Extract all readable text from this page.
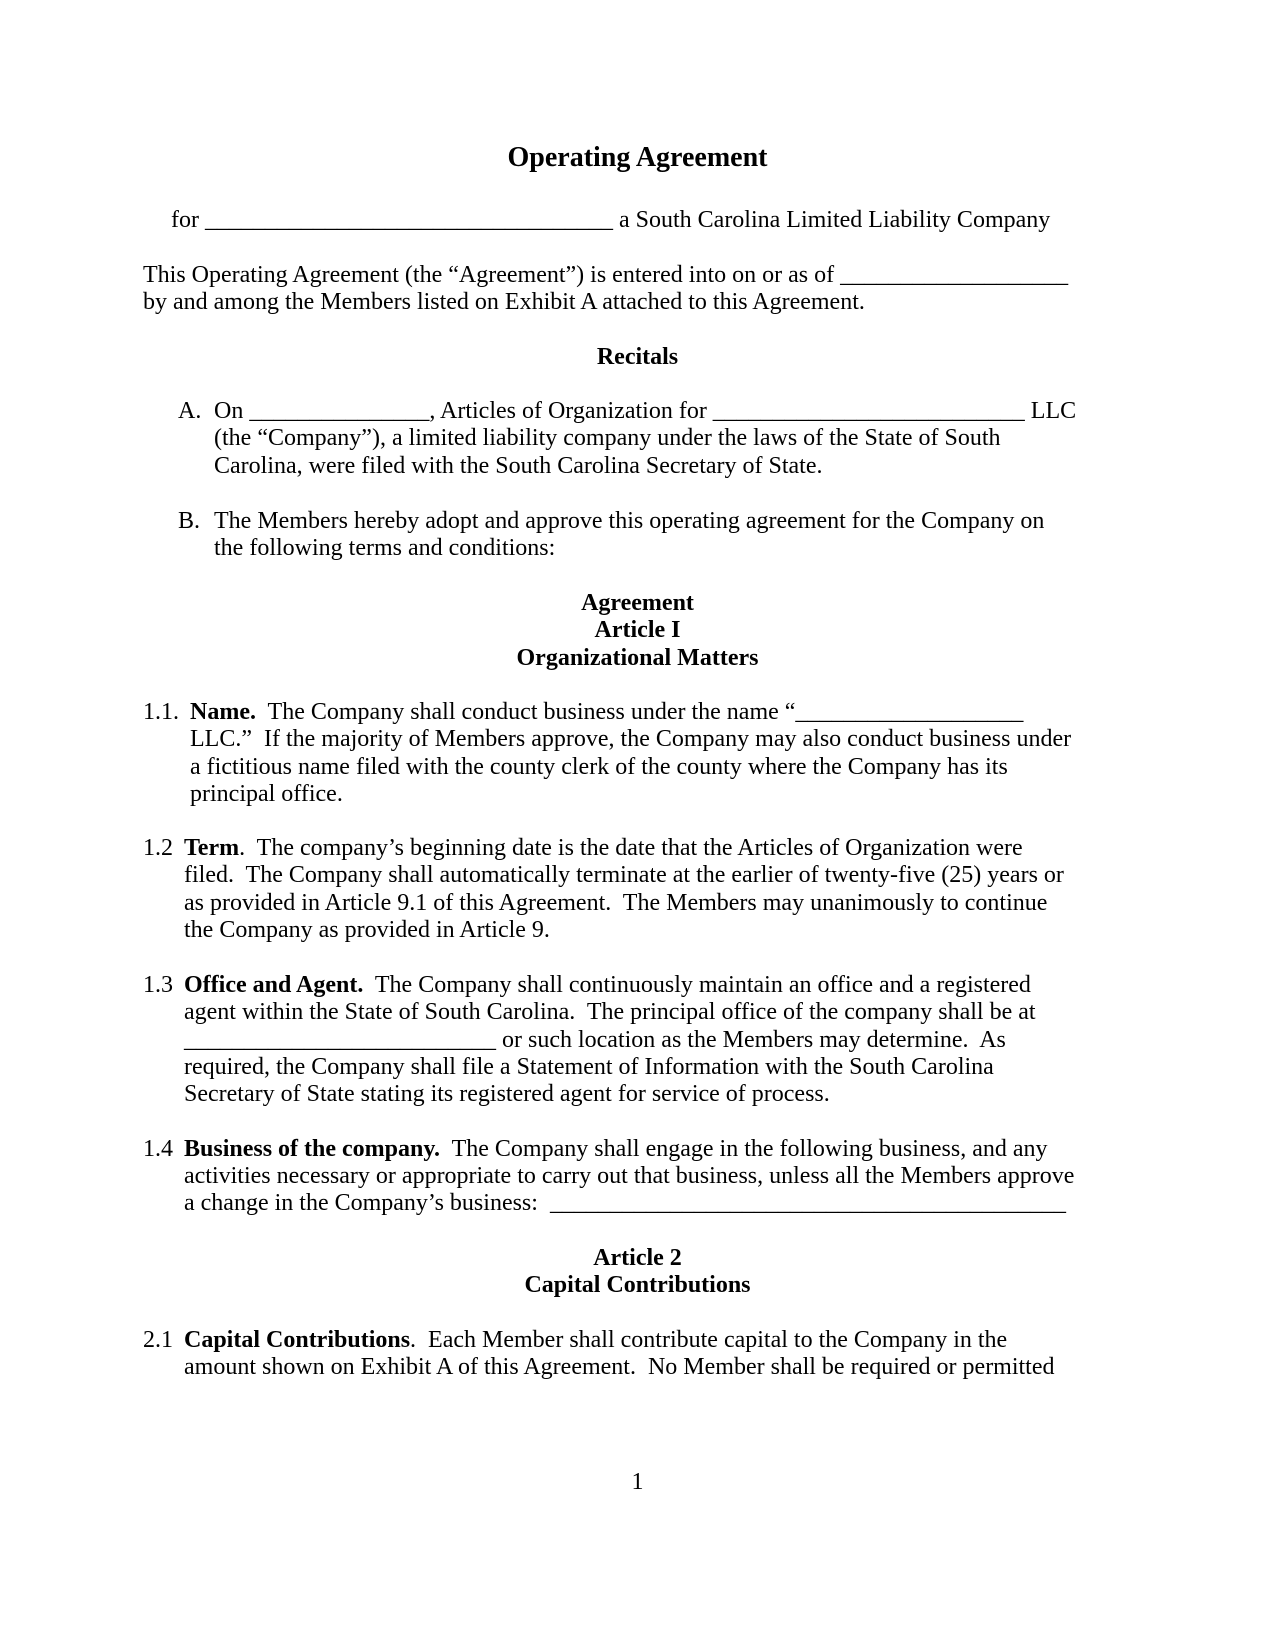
Operating Agreement
for __________________________________ a South Carolina Limited Liability Company
This Operating Agreement (the “Agreement”) is entered into on or as of ___________________
by and among the Members listed on Exhibit A attached to this Agreement.
Recitals
A. On _______________, Articles of Organization for __________________________ LLC
(the “Company”), a limited liability company under the laws of the State of South
Carolina, were filed with the South Carolina Secretary of State.
B. The Members hereby adopt and approve this operating agreement for the Company on
the following terms and conditions:
Agreement
Article I
Organizational Matters
1.1. Name.  The Company shall conduct business under the name “___________________
LLC.”  If the majority of Members approve, the Company may also conduct business under
a fictitious name filed with the county clerk of the county where the Company has its
principal office.
1.2 Term.  The company’s beginning date is the date that the Articles of Organization were
filed.  The Company shall automatically terminate at the earlier of twenty-five (25) years or
as provided in Article 9.1 of this Agreement.  The Members may unanimously to continue
the Company as provided in Article 9.
1.3 Office and Agent.  The Company shall continuously maintain an office and a registered
agent within the State of South Carolina.  The principal office of the company shall be at
__________________________ or such location as the Members may determine.  As
required, the Company shall file a Statement of Information with the South Carolina
Secretary of State stating its registered agent for service of process.
1.4 Business of the company.  The Company shall engage in the following business, and any
activities necessary or appropriate to carry out that business, unless all the Members approve
a change in the Company’s business:  ___________________________________________
Article 2
Capital Contributions
2.1 Capital Contributions.  Each Member shall contribute capital to the Company in the
amount shown on Exhibit A of this Agreement.  No Member shall be required or permitted
1
